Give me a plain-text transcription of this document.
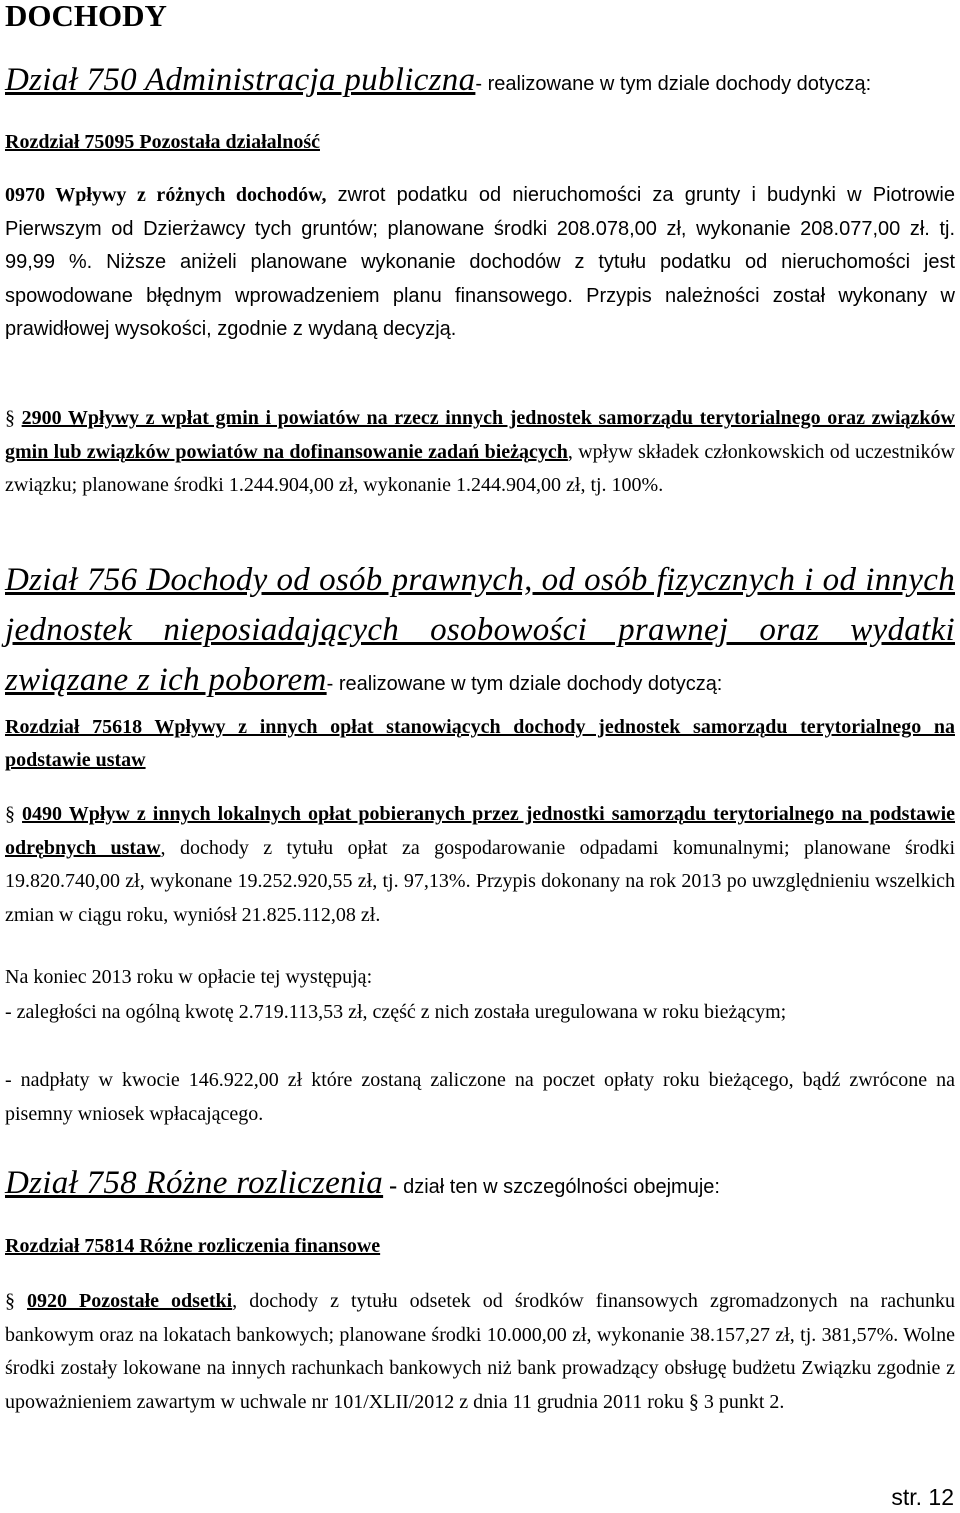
DOCHODY
Dział 750 Administracja publiczna- realizowane w tym dziale dochody dotyczą:
Rozdział 75095 Pozostała działalność
0970 Wpływy z różnych dochodów, zwrot podatku od nieruchomości za grunty i budynki w Piotrowie Pierwszym od Dzierżawcy tych gruntów; planowane środki 208.078,00 zł, wykonanie 208.077,00 zł. tj. 99,99 %. Niższe aniżeli planowane wykonanie dochodów z tytułu podatku od nieruchomości jest spowodowane błędnym wprowadzeniem planu finansowego. Przypis należności został wykonany w prawidłowej wysokości, zgodnie z wydaną decyzją.
§ 2900 Wpływy z wpłat gmin i powiatów na rzecz innych jednostek samorządu terytorialnego oraz związków gmin lub związków powiatów na dofinansowanie zadań bieżących, wpływ składek członkowskich od uczestników związku; planowane środki 1.244.904,00 zł, wykonanie 1.244.904,00 zł, tj. 100%.
Dział 756 Dochody od osób prawnych, od osób fizycznych i od innych jednostek nieposiadających osobowości prawnej oraz wydatki związane z ich poborem- realizowane w tym dziale dochody dotyczą:
Rozdział 75618 Wpływy z innych opłat stanowiących dochody jednostek samorządu terytorialnego na podstawie ustaw
§ 0490 Wpływ z innych lokalnych opłat pobieranych przez jednostki samorządu terytorialnego na podstawie odrębnych ustaw, dochody z tytułu opłat za gospodarowanie odpadami komunalnymi; planowane środki 19.820.740,00 zł, wykonane 19.252.920,55 zł, tj. 97,13%. Przypis dokonany na rok 2013 po uwzględnieniu wszelkich zmian w ciągu roku, wyniósł 21.825.112,08 zł.
Na koniec 2013 roku w opłacie tej występują:
- zaległości na ogólną kwotę 2.719.113,53 zł, część z nich została uregulowana w roku bieżącym;
- nadpłaty w kwocie 146.922,00 zł które zostaną zaliczone na poczet opłaty roku bieżącego, bądź zwrócone na pisemny wniosek wpłacającego.
Dział 758 Różne rozliczenia - dział ten w szczególności obejmuje:
Rozdział 75814 Różne rozliczenia finansowe
§ 0920 Pozostałe odsetki, dochody z tytułu odsetek od środków finansowych zgromadzonych na rachunku bankowym oraz na lokatach bankowych; planowane środki 10.000,00 zł, wykonanie 38.157,27 zł, tj. 381,57%. Wolne środki zostały lokowane na innych rachunkach bankowych niż bank prowadzący obsługę budżetu Związku zgodnie z upoważnieniem zawartym w uchwale nr 101/XLII/2012 z dnia 11 grudnia 2011 roku § 3 punkt 2.
str. 12
